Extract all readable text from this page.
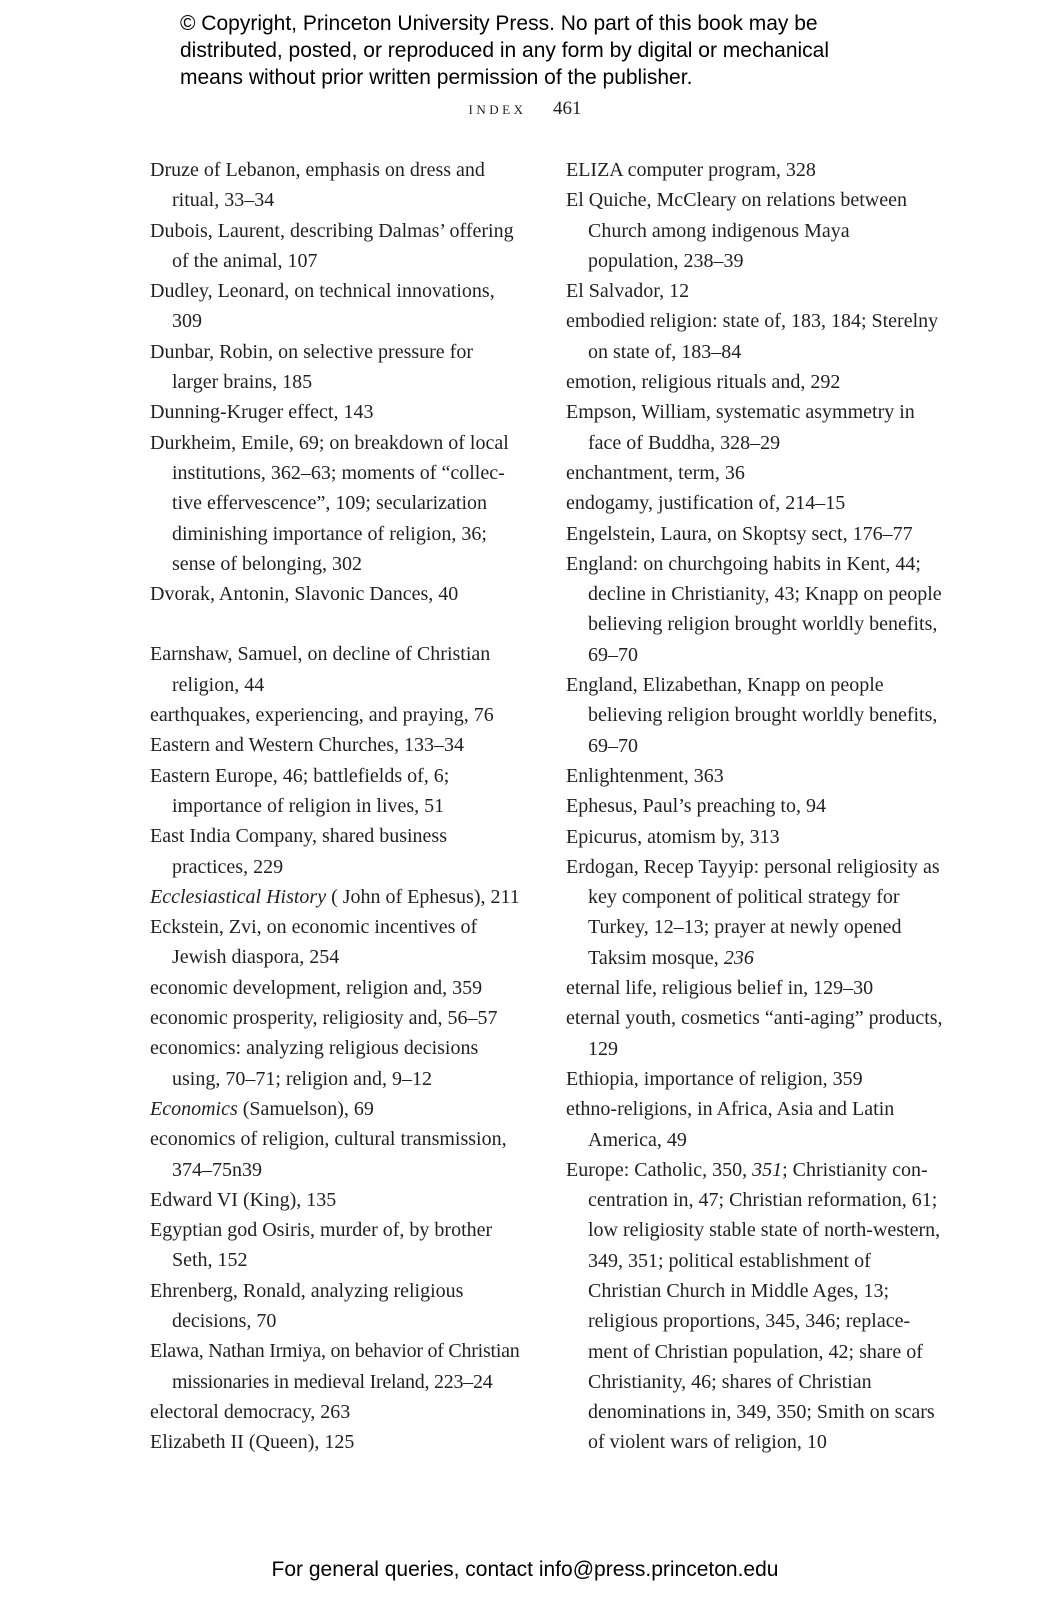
© Copyright, Princeton University Press. No part of this book may be
distributed, posted, or reproduced in any form by digital or mechanical
means without prior written permission of the publisher.
index 461

Druze of Lebanon, emphasis on dress and ritual, 33–34

Dubois, Laurent, describing Dalmas’ offering of the animal, 107

Dudley, Leonard, on technical innovations, 309

Dunbar, Robin, on selective pressure for larger brains, 185

Dunning-Kruger effect, 143

Durkheim, Emile, 69; on breakdown of local institutions, 362–63; moments of “collec-tive effervescence”, 109; secularization diminishing importance of religion, 36; sense of belonging, 302

Dvorak, Antonin, Slavonic Dances, 40

Earnshaw, Samuel, on decline of Christian religion, 44

earthquakes, experiencing, and praying, 76

Eastern and Western Churches, 133–34

Eastern Europe, 46; battlefields of, 6; importance of religion in lives, 51

East India Company, shared business practices, 229

Ecclesiastical History ( John of Ephesus), 211

Eckstein, Zvi, on economic incentives of Jewish diaspora, 254

economic development, religion and, 359

economic prosperity, religiosity and, 56–57

economics: analyzing religious decisions using, 70–71; religion and, 9–12

Economics (Samuelson), 69

economics of religion, cultural transmission, 374–75n39

Edward VI (King), 135

Egyptian god Osiris, murder of, by brother Seth, 152

Ehrenberg, Ronald, analyzing religious decisions, 70

Elawa, Nathan Irmiya, on behavior of Christian missionaries in medieval Ireland, 223–24

electoral democracy, 263

Elizabeth II (Queen), 125

ELIZA computer program, 328

El Quiche, McCleary on relations between Church among indigenous Maya population, 238–39

El Salvador, 12

embodied religion: state of, 183, 184; Sterelny on state of, 183–84

emotion, religious rituals and, 292

Empson, William, systematic asymmetry in face of Buddha, 328–29

enchantment, term, 36

endogamy, justification of, 214–15

Engelstein, Laura, on Skoptsy sect, 176–77

England: on churchgoing habits in Kent, 44; decline in Christianity, 43; Knapp on people believing religion brought worldly benefits, 69–70

England, Elizabethan, Knapp on people believing religion brought worldly benefits, 69–70

Enlightenment, 363

Ephesus, Paul’s preaching to, 94

Epicurus, atomism by, 313

Erdogan, Recep Tayyip: personal religiosity as key component of political strategy for Turkey, 12–13; prayer at newly opened Taksim mosque, 236

eternal life, religious belief in, 129–30

eternal youth, cosmetics “anti-aging” products, 129

Ethiopia, importance of religion, 359

ethno-religions, in Africa, Asia and Latin America, 49

Europe: Catholic, 350, 351; Christianity con-centration in, 47; Christian reformation, 61; low religiosity stable state of north-western, 349, 351; political establishment of Christian Church in Middle Ages, 13; religious proportions, 345, 346; replace-ment of Christian population, 42; share of Christianity, 46; shares of Christian denominations in, 349, 350; Smith on scars of violent wars of religion, 10

For general queries, contact info@press.princeton.edu
